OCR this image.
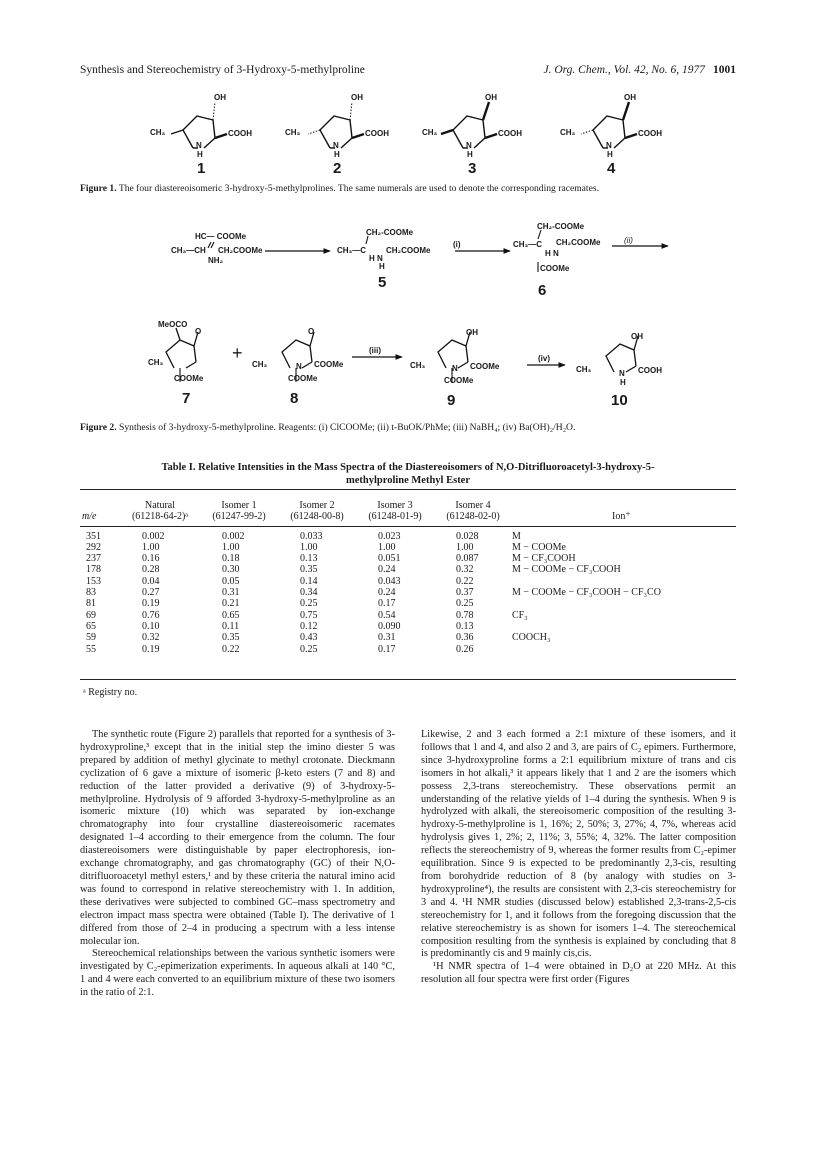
Synthesis and Stereochemistry of 3-Hydroxy-5-methylproline	J. Org. Chem., Vol. 42, No. 6, 1977 1001
OH
CH₃
N
H
COOH
1
OH
CH₃
N
H
COOH
2
OH
CH₃
N
H
COOH
3
OH
CH₃
N
H
COOH
4
Figure 1. The four diastereoisomeric 3-hydroxy-5-methylprolines. The same numerals are used to denote the corresponding racemates.
HC— COOMe
CH₃—CH CH₂COOMe
NH₂
CH₂-COOMe
CH₃—C CH₂COOMe
H N
H
5
(i)
CH₂-COOMe
CH₃—C CH₂COOMe
H N
COOMe
6
(ii)
MeOCO
O
CH₃
COOMe
7
+
O
CH₃	N COOMe
COOMe
8
(iii)
OH
CH₃	N COOMe
COOMe
9
(iv)
OH
CH₃	N
H
COOH
10
Figure 2. Synthesis of 3-hydroxy-5-methylproline. Reagents: (i) ClCOOMe; (ii) t-BuOK/PhMe; (iii) NaBH₄; (iv) Ba(OH)₂/H₂O.
Table I. Relative Intensities in the Mass Spectra of the Diastereoisomers of N,O-Ditrifluoroacetyl-3-hydroxy-5-
methylproline Methyl Ester
	Natural	Isomer 1	Isomer 2	Isomer 3	Isomer 4	
m/e	(61218-64-2)ᵃ	(61247-99-2)	(61248-00-8)	(61248-01-9)	(61248-02-0)	Ion⁺

351	0.002	0.002	0.033	0.023	0.028	M
292	1.00	1.00	1.00	1.00	1.00	M − COOMe
237	0.16	0.18	0.13	0.051	0.087	M − CF₃COOH
178	0.28	0.30	0.35	0.24	0.32	M − COOMe − CF₃COOH
153	0.04	0.05	0.14	0.043	0.22	
83	0.27	0.31	0.34	0.24	0.37	M − COOMe − CF₃COOH − CF₃CO
81	0.19	0.21	0.25	0.17	0.25	
69	0.76	0.65	0.75	0.54	0.78	CF₃
65	0.10	0.11	0.12	0.090	0.13	
59	0.32	0.35	0.43	0.31	0.36	COOCH₃
55	0.19	0.22	0.25	0.17	0.26	
ᵃ Registry no.

The synthetic route (Figure 2) parallels that reported for a synthesis of 3-hydroxyproline,³ except that in the initial step the imino diester 5 was prepared by addition of methyl glycinate to methyl crotonate. Dieckmann cyclization of 6 gave a mixture of isomeric β-keto esters (7 and 8) and reduction of the latter provided a derivative (9) of 3-hydroxy-5-methylproline. Hydrolysis of 9 afforded 3-hydroxy-5-methylproline as an isomeric mixture (10) which was separated by ion-exchange chromatography into four crystalline diastereoisomeric racemates designated 1–4 according to their emergence from the column. The four diastereoisomers were distinguishable by paper electrophoresis, ion-exchange chromatography, and gas chromatography (GC) of their N,O-ditrifluoroacetyl methyl esters,¹ and by these criteria the natural imino acid was found to correspond in relative stereochemistry with 1. In addition, these derivatives were subjected to combined GC–mass spectrometry and electron impact mass spectra were obtained (Table I). The derivative of 1 differed from those of 2–4 in producing a spectrum with a less intense molecular ion.

Stereochemical relationships between the various synthetic isomers were investigated by C₂-epimerization experiments. In aqueous alkali at 140 °C, 1 and 4 were each converted to an equilibrium mixture of these two isomers in the ratio of 2:1.

Likewise, 2 and 3 each formed a 2:1 mixture of these isomers, and it follows that 1 and 4, and also 2 and 3, are pairs of C₂ epimers. Furthermore, since 3-hydroxyproline forms a 2:1 equilibrium mixture of trans and cis isomers in hot alkali,³ it appears likely that 1 and 2 are the isomers which possess 2,3-trans stereochemistry. These observations permit an understanding of the relative yields of 1–4 during the synthesis. When 9 is hydrolyzed with alkali, the stereoisomeric composition of the resulting 3-hydroxy-5-methylproline is 1, 16%; 2, 50%; 3, 27%; 4, 7%, whereas acid hydrolysis gives 1, 2%; 2, 11%; 3, 55%; 4, 32%. The latter composition reflects the stereochemistry of 9, whereas the former results from C₂-epimer equilibration. Since 9 is expected to be predominantly 2,3-cis, resulting from borohydride reduction of 8 (by analogy with studies on 3-hydroxyproline⁴), the results are consistent with 2,3-cis stereochemistry for 3 and 4. ¹H NMR studies (discussed below) established 2,3-trans-2,5-cis stereochemistry for 1, and it follows from the foregoing discussion that the relative stereochemistry is as shown for isomers 1–4. The stereochemical composition resulting from the synthesis is explained by concluding that 8 is predominantly cis and 9 mainly cis,cis.

¹H NMR spectra of 1–4 were obtained in D₂O at 220 MHz. At this resolution all four spectra were first order (Figures
